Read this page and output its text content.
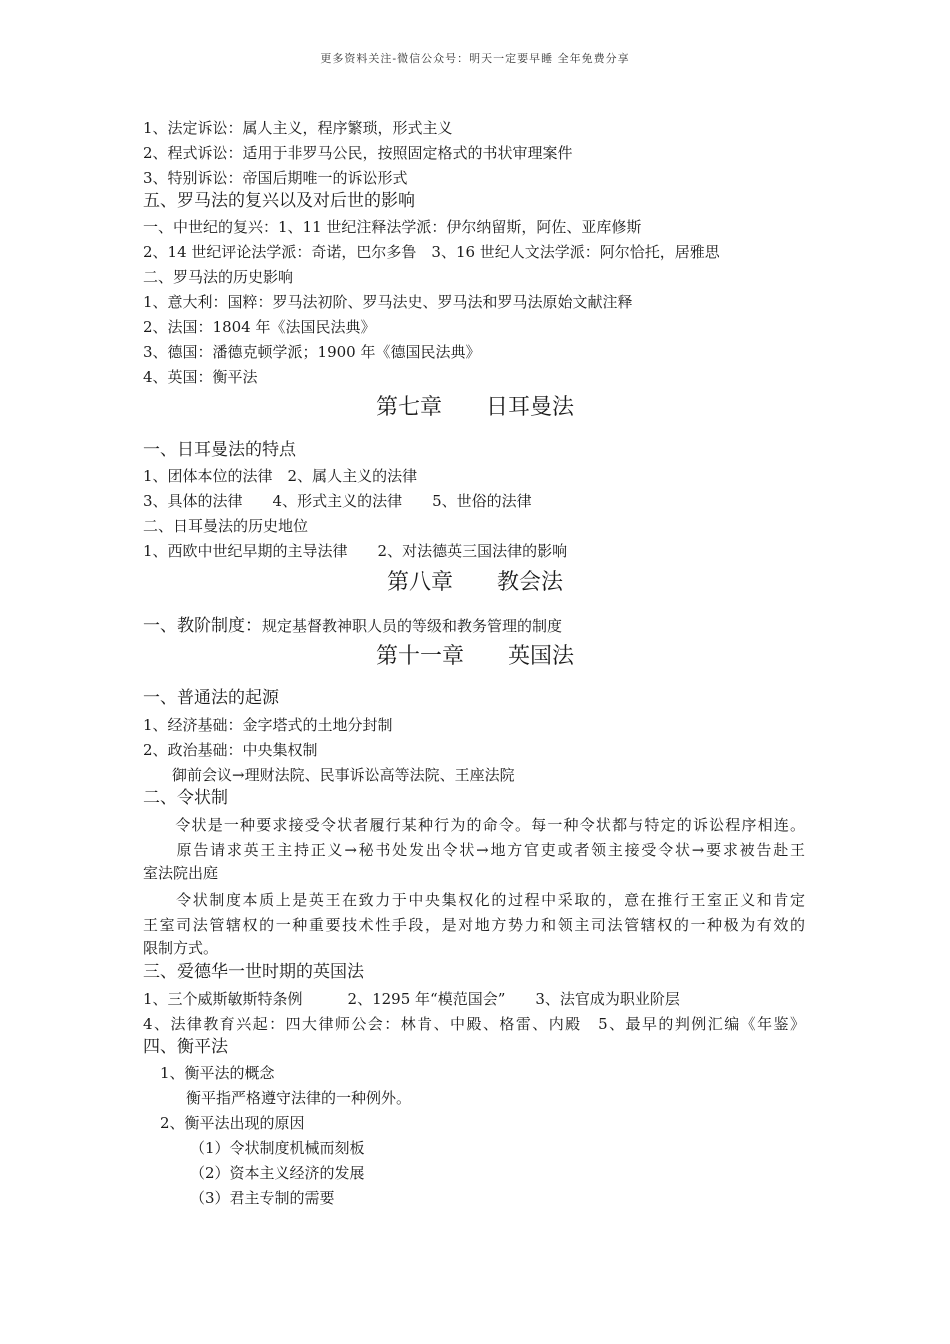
更多资料关注-微信公众号：明天一定要早睡 全年免费分享
1、法定诉讼：属人主义，程序繁琐，形式主义
2、程式诉讼：适用于非罗马公民，按照固定格式的书状审理案件
3、特别诉讼：帝国后期唯一的诉讼形式
五、罗马法的复兴以及对后世的影响
一、中世纪的复兴：1、11 世纪注释法学派：伊尔纳留斯，阿佐、亚库修斯
2、14 世纪评论法学派：奇诺，巴尔多鲁　3、16 世纪人文法学派：阿尔恰托，居雅思
二、罗马法的历史影响
1、意大利：国粹：罗马法初阶、罗马法史、罗马法和罗马法原始文献注释
2、法国：1804 年《法国民法典》
3、德国：潘德克顿学派；1900 年《德国民法典》
4、英国：衡平法
第七章　　日耳曼法
一、日耳曼法的特点
1、团体本位的法律　2、属人主义的法律
3、具体的法律　　4、形式主义的法律　　5、世俗的法律
二、日耳曼法的历史地位
1、西欧中世纪早期的主导法律　　2、对法德英三国法律的影响
第八章　　教会法
一、教阶制度：规定基督教神职人员的等级和教务管理的制度
第十一章　　英国法
一、普通法的起源
1、经济基础：金字塔式的土地分封制
2、政治基础：中央集权制
御前会议→理财法院、民事诉讼高等法院、王座法院
二、令状制
　　令状是一种要求接受令状者履行某种行为的命令。每一种令状都与特定的诉讼程序相连。
　　原告请求英王主持正义→秘书处发出令状→地方官吏或者领主接受令状→要求被告赴王
室法院出庭
　　令状制度本质上是英王在致力于中央集权化的过程中采取的，意在推行王室正义和肯定
王室司法管辖权的一种重要技术性手段，是对地方势力和领主司法管辖权的一种极为有效的
限制方式。
三、爱德华一世时期的英国法
1、三个威斯敏斯特条例　　　2、1295 年“模范国会”　　3、法官成为职业阶层
4、法律教育兴起：四大律师公会：林肯、中殿、格雷、内殿　5、最早的判例汇编《年鉴》
四、衡平法
1、衡平法的概念
衡平指严格遵守法律的一种例外。
2、衡平法出现的原因
（1）令状制度机械而刻板
（2）资本主义经济的发展
（3）君主专制的需要
